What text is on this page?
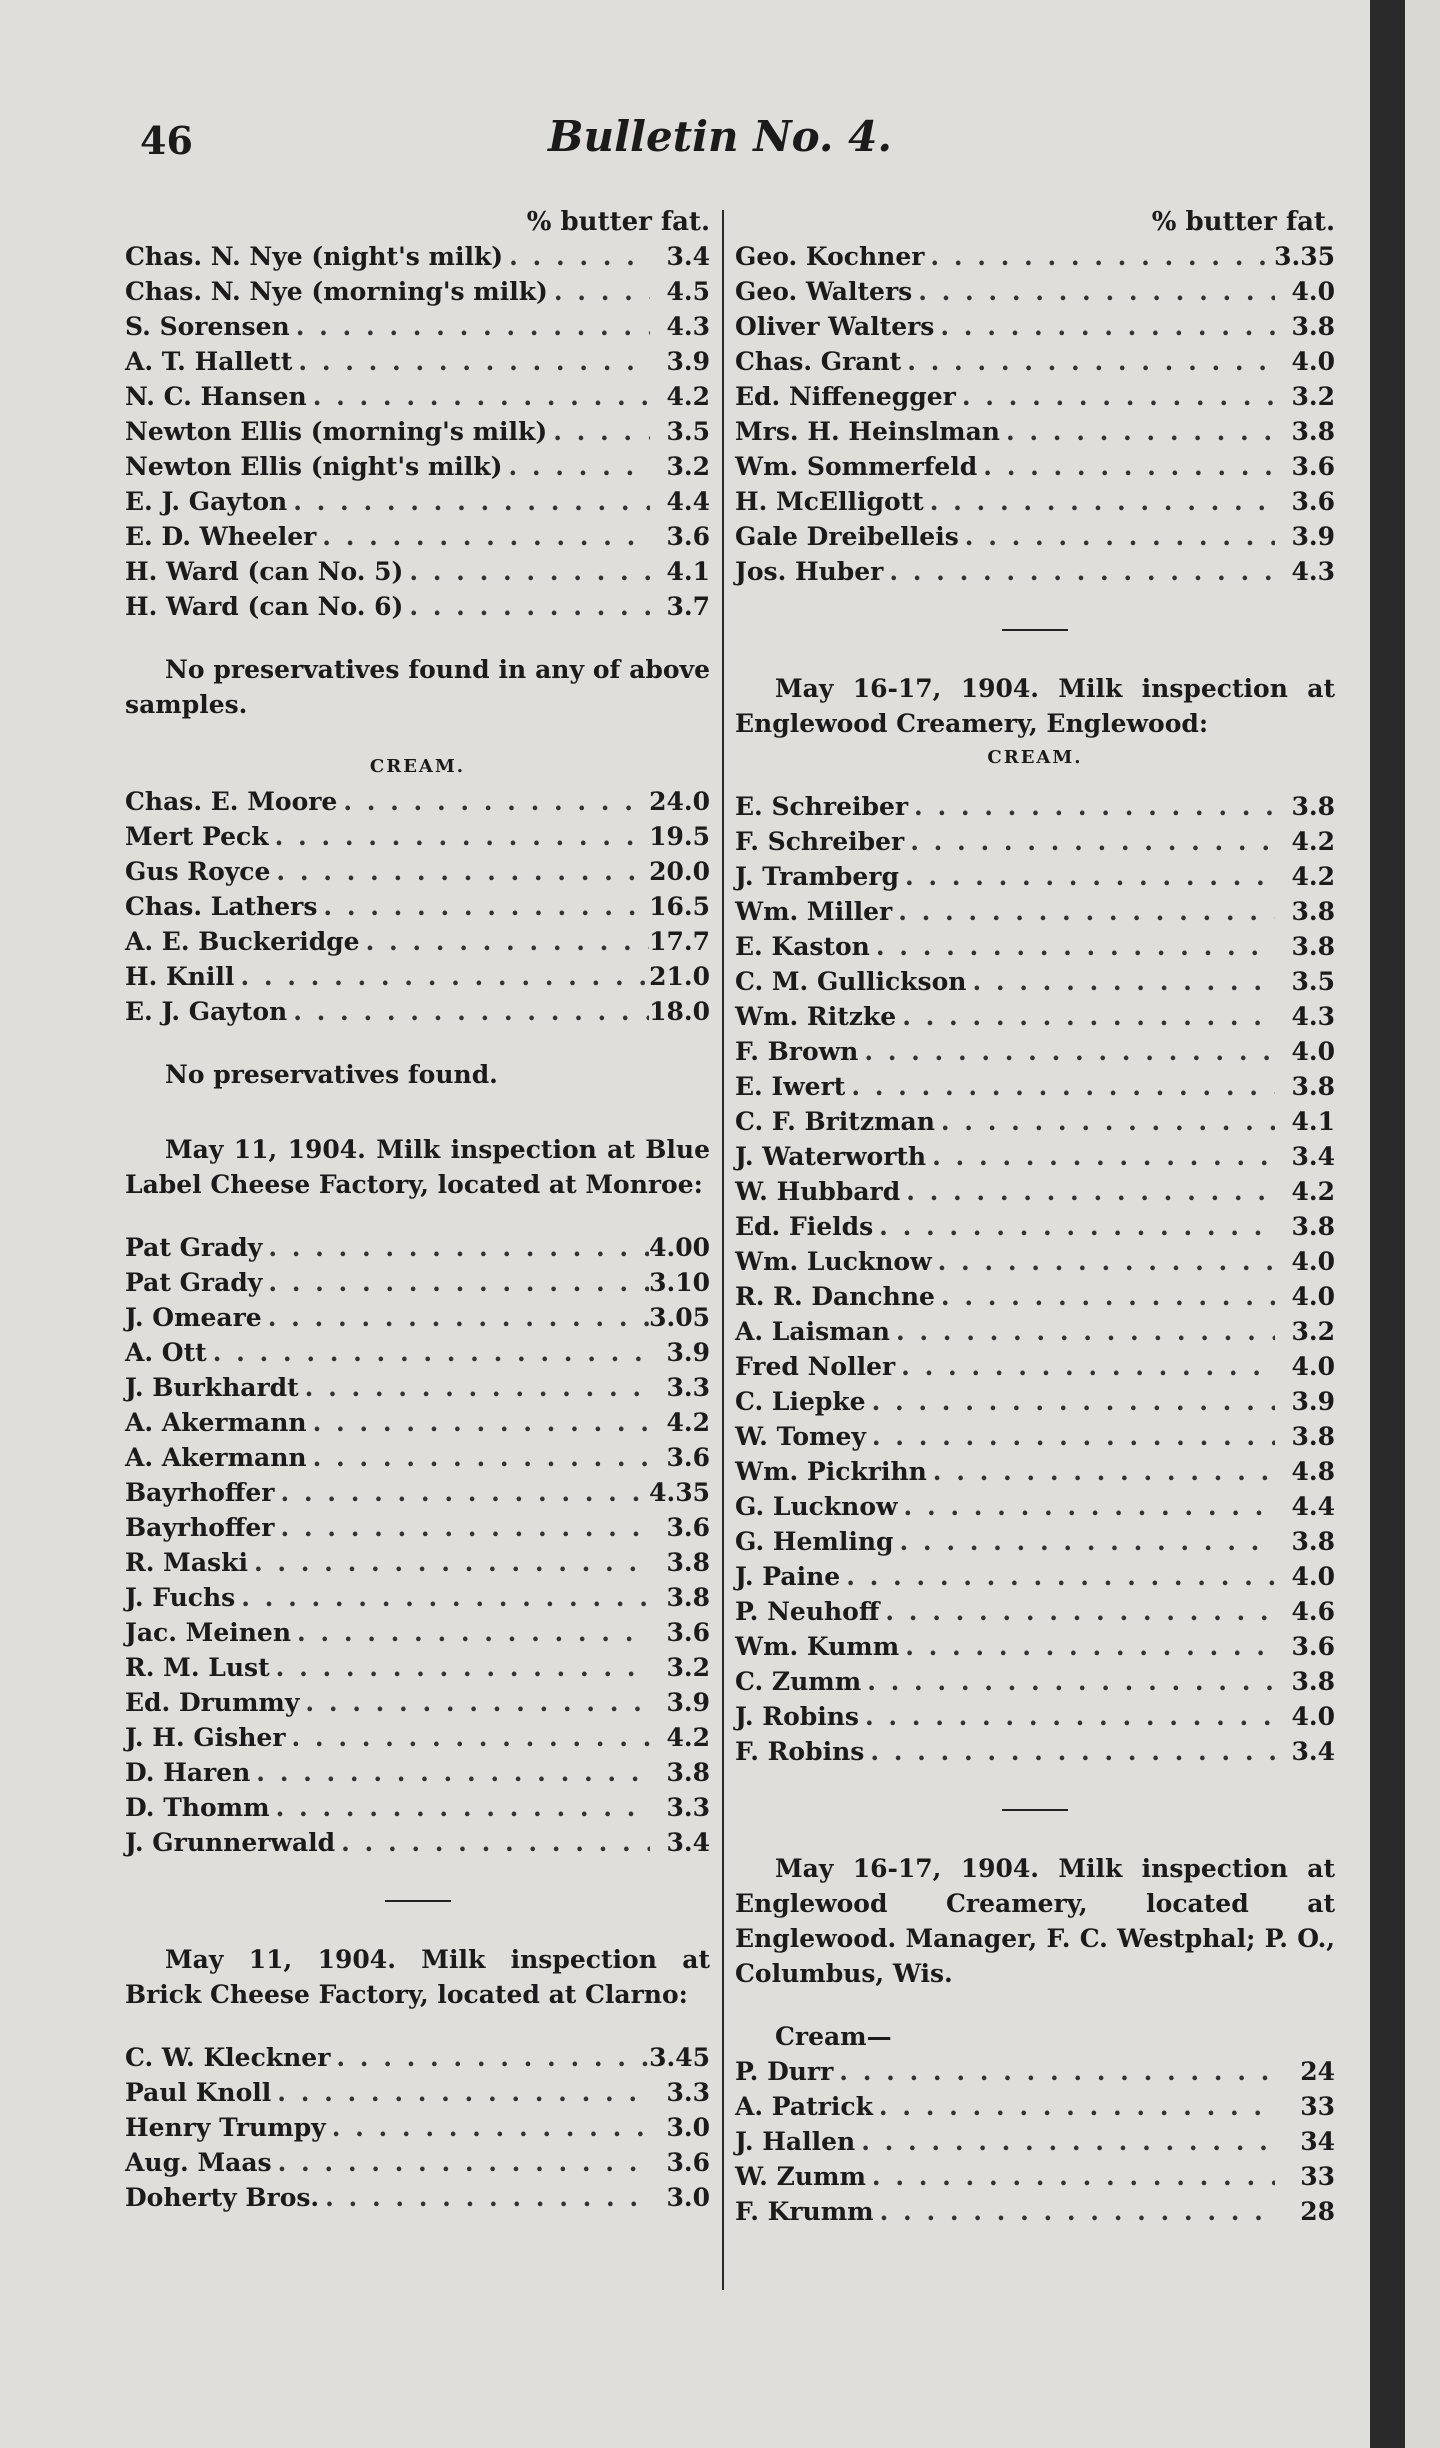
46	Bulletin No. 4.
% butter fat.
Chas. N. Nye (night's milk) . . .	3.4
Chas. N. Nye (morning's milk) . . .	4.5
S. Sorensen . . .	4.3
A. T. Hallett . . .	3.9
N. C. Hansen . . .	4.2
Newton Ellis (morning's milk) . . .	3.5
Newton Ellis (night's milk) . . .	3.2
E. J. Gayton . . .	4.4
E. D. Wheeler . . .	3.6
H. Ward (can No. 5) . . .	4.1
H. Ward (can No. 6) . . .	3.7
No preservatives found in any of above samples.
CREAM.
Chas. E. Moore . . .	24.0
Mert Peck . . .	19.5
Gus Royce . . .	20.0
Chas. Lathers . . .	16.5
A. E. Buckeridge . . .	17.7
H. Knill . . .	21.0
E. J. Gayton . . .	18.0
No preservatives found.
May 11, 1904. Milk inspection at Blue Label Cheese Factory, located at Monroe:
Pat Grady . . .	4.00
Pat Grady . . .	3.10
J. Omeare . . .	3.05
A. Ott . . .	3.9
J. Burkhardt . . .	3.3
A. Akermann . . .	4.2
A. Akermann . . .	3.6
Bayrhoffer . . .	4.35
Bayrhoffer . . .	3.6
R. Maski . . .	3.8
J. Fuchs . . .	3.8
Jac. Meinen . . .	3.6
R. M. Lust . . .	3.2
Ed. Drummy . . .	3.9
J. H. Gisher . . .	4.2
D. Haren . . .	3.8
D. Thomm . . .	3.3
J. Grunnerwald . . .	3.4
May 11, 1904. Milk inspection at Brick Cheese Factory, located at Clarno:
C. W. Kleckner . . .	3.45
Paul Knoll . . .	3.3
Henry Trumpy . . .	3.0
Aug. Maas . . .	3.6
Doherty Bros. . . .	3.0
% butter fat.
Geo. Kochner . . .	3.35
Geo. Walters . . .	4.0
Oliver Walters . . .	3.8
Chas. Grant . . .	4.0
Ed. Niffenegger . . .	3.2
Mrs. H. Heinslman . . .	3.8
Wm. Sommerfeld . . .	3.6
H. McElligott . . .	3.6
Gale Dreibelleis . . .	3.9
Jos. Huber . . .	4.3
May 16-17, 1904. Milk inspection at Englewood Creamery, Englewood:
CREAM.
E. Schreiber . . .	3.8
F. Schreiber . . .	4.2
J. Tramberg . . .	4.2
Wm. Miller . . .	3.8
E. Kaston . . .	3.8
C. M. Gullickson . . .	3.5
Wm. Ritzke . . .	4.3
F. Brown . . .	4.0
E. Iwert . . .	3.8
C. F. Britzman . . .	4.1
J. Waterworth . . .	3.4
W. Hubbard . . .	4.2
Ed. Fields . . .	3.8
Wm. Lucknow . . .	4.0
R. R. Danchne . . .	4.0
A. Laisman . . .	3.2
Fred Noller . . .	4.0
C. Liepke . . .	3.9
W. Tomey . . .	3.8
Wm. Pickrihn . . .	4.8
G. Lucknow . . .	4.4
G. Hemling . . .	3.8
J. Paine . . .	4.0
P. Neuhoff . . .	4.6
Wm. Kumm . . .	3.6
C. Zumm . . .	3.8
J. Robins . . .	4.0
F. Robins . . .	3.4
May 16-17, 1904. Milk inspection at Englewood Creamery, located at Englewood. Manager, F. C. Westphal; P. O., Columbus, Wis.
Cream—
P. Durr . . .	24
A. Patrick . . .	33
J. Hallen . . .	34
W. Zumm . . .	33
F. Krumm . . .	28
